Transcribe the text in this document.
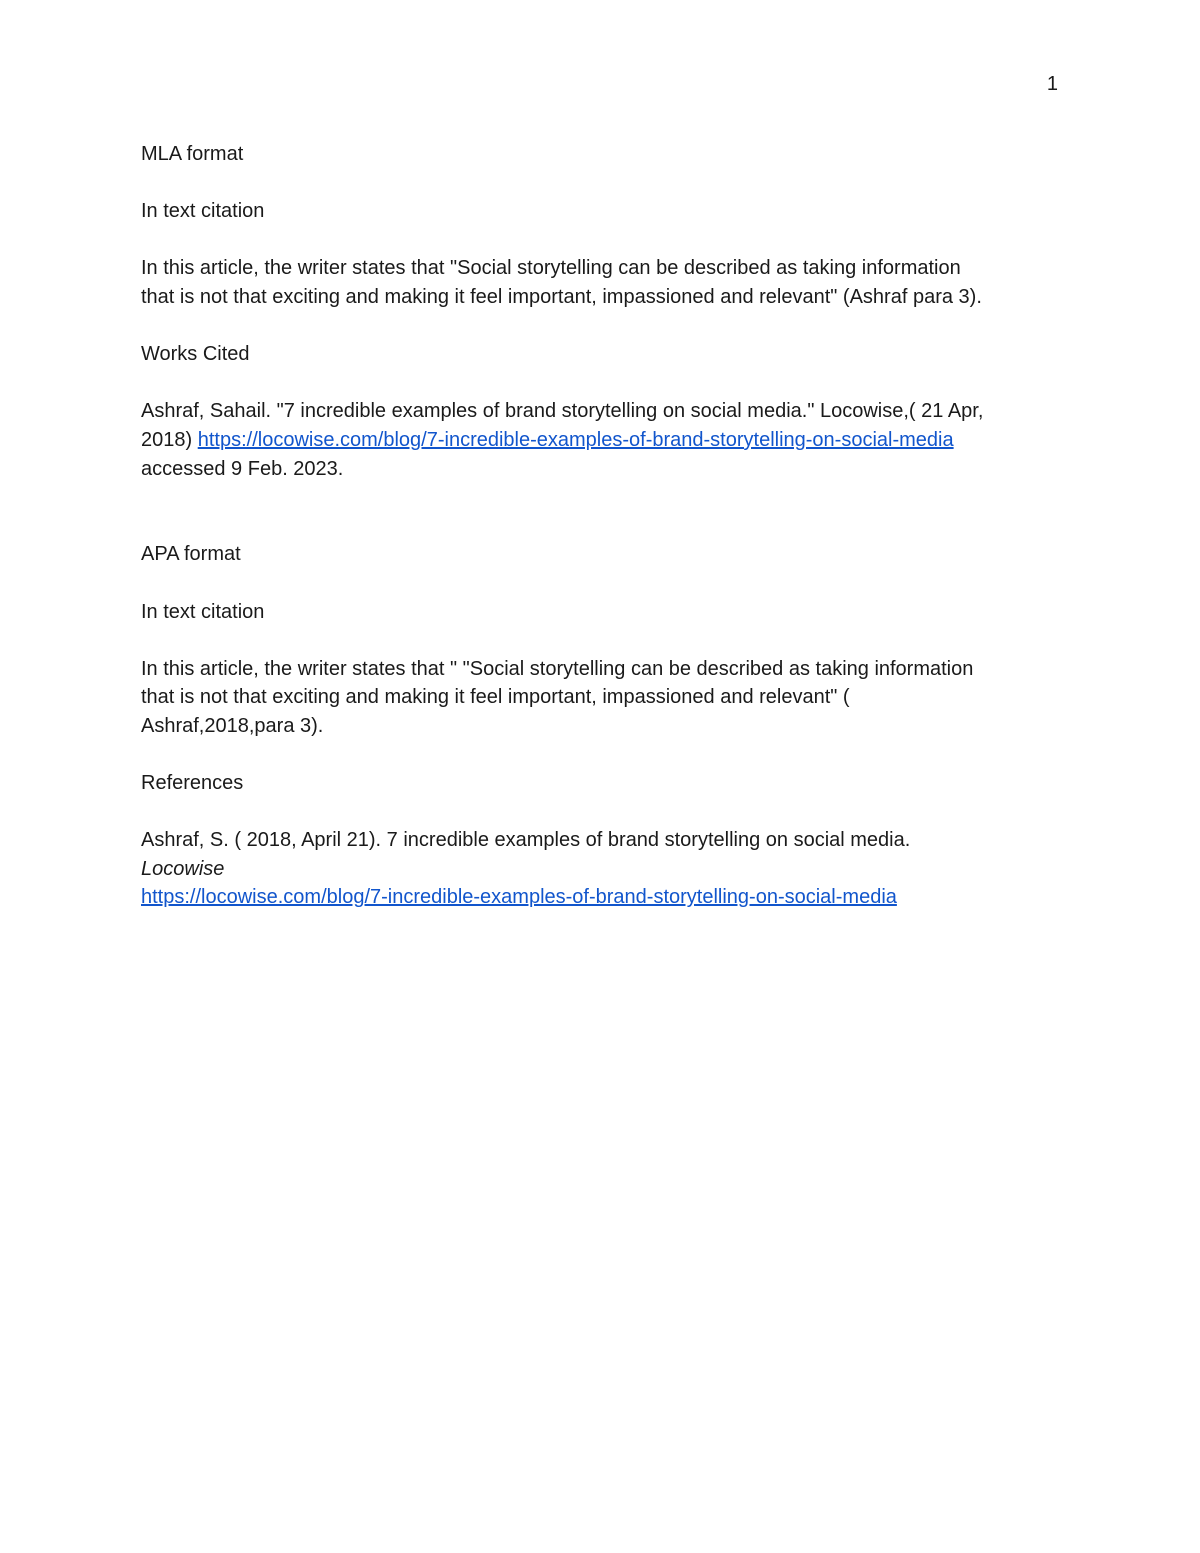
1
MLA format
In text citation
In this article, the writer states that "Social storytelling can be described as taking information
that is not that exciting and making it feel important, impassioned and relevant" (Ashraf para 3).
Works Cited
Ashraf, Sahail. "7 incredible examples of brand storytelling on social media." Locowise,( 21 Apr,
2018) https://locowise.com/blog/7-incredible-examples-of-brand-storytelling-on-social-media
accessed 9 Feb. 2023.
APA format
In text citation
In this article, the writer states that " "Social storytelling can be described as taking information
that is not that exciting and making it feel important, impassioned and relevant" (
Ashraf,2018,para 3).
References
Ashraf, S. ( 2018, April 21). 7 incredible examples of brand storytelling on social media.
Locowise
https://locowise.com/blog/7-incredible-examples-of-brand-storytelling-on-social-media
